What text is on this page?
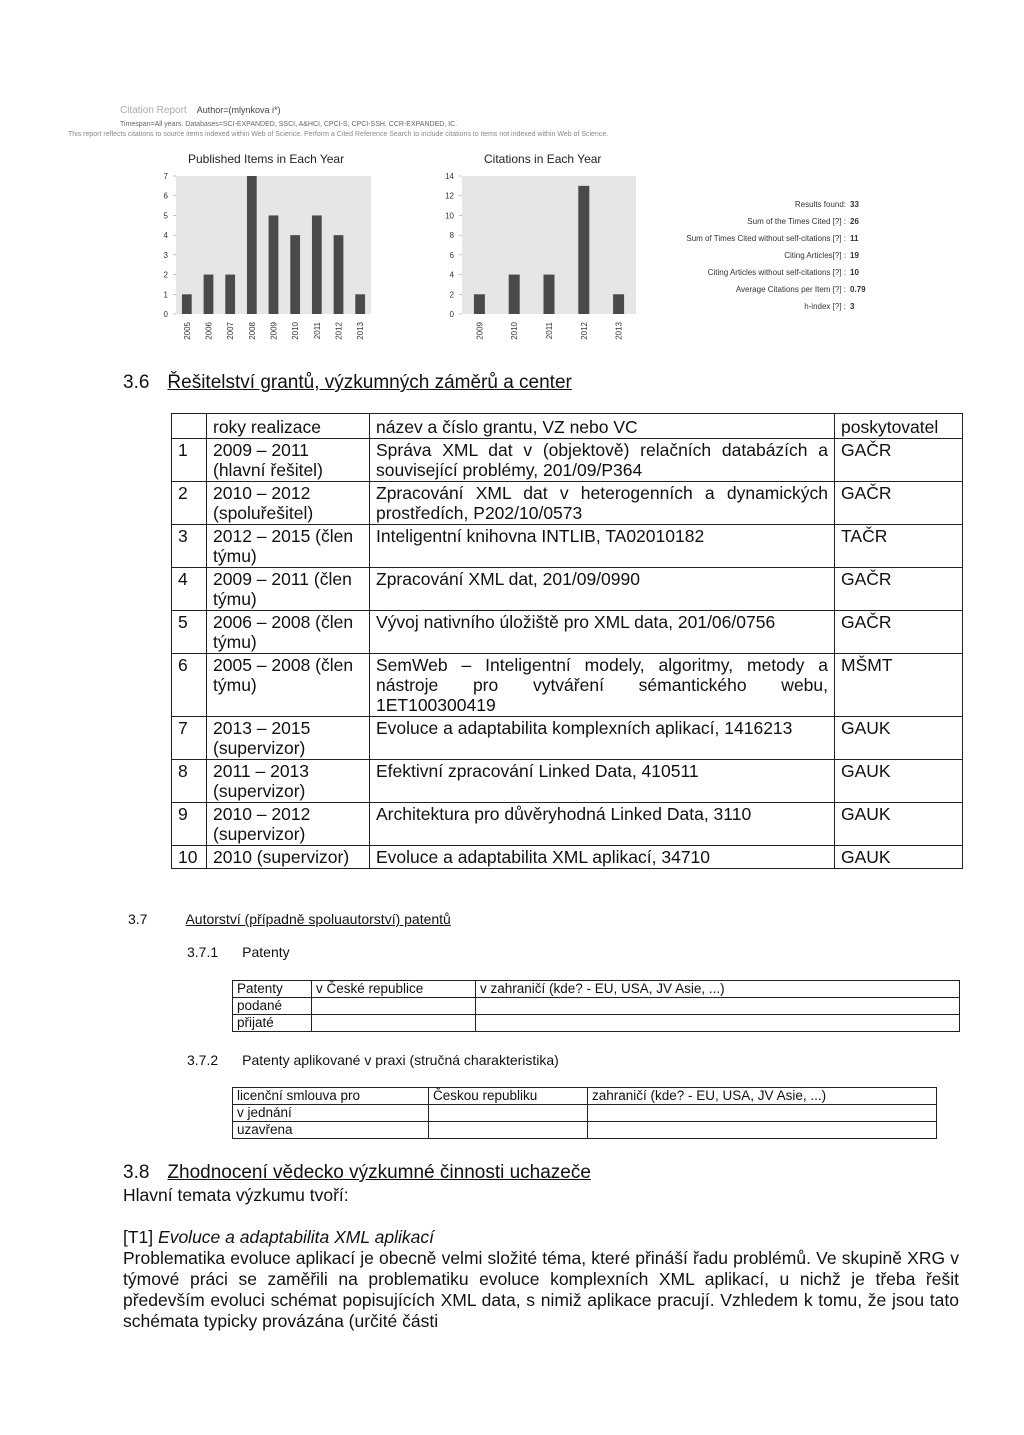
Citation Report Author=(mlynkova i*)
Timespan=All years. Databases=SCI-EXPANDED, SSCI, A&HCI, CPCI-S, CPCI-SSH, CCR-EXPANDED, IC.
This report reflects citations to source items indexed within Web of Science. Perform a Cited Reference Search to include citations to items not indexed within Web of Science.
Published Items in Each Year	Citations in Each Year
0
1
2
3
4
5
6
7
2005 2006 2007 2008 2009 2010 2011 2012 2013
0
2
4
6
8
10
12
14
2009	2010	2011	2012	2013
Results found: 33
Sum of the Times Cited [?] : 26
Sum of Times Cited without self-citations [?] : 11
Citing Articles[?] : 19
Citing Articles without self-citations [?] : 10
Average Citations per Item [?] : 0.79
h-index [?] : 3
3.6 Řešitelství grantů, výzkumných záměrů a center
	roky realizace	název a číslo grantu, VZ nebo VC	poskytovatel
1	2009 – 2011 (hlavní řešitel)	Správa XML dat v (objektově) relačních databázích a související problémy, 201/09/P364	GAČR
2	2010 – 2012 (spoluřešitel)	Zpracování XML dat v heterogenních a dynamických prostředích, P202/10/0573	GAČR
3	2012 – 2015 (člen týmu)	Inteligentní knihovna INTLIB, TA02010182	TAČR
4	2009 – 2011 (člen týmu)	Zpracování XML dat, 201/09/0990	GAČR
5	2006 – 2008 (člen týmu)	Vývoj nativního úložiště pro XML data, 201/06/0756	GAČR
6	2005 – 2008 (člen týmu)	SemWeb – Inteligentní modely, algoritmy, metody a nástroje pro vytváření sémantického webu, 1ET100300419	MŠMT
7	2013 – 2015 (supervizor)	Evoluce a adaptabilita komplexních aplikací, 1416213	GAUK
8	2011 – 2013 (supervizor)	Efektivní zpracování Linked Data, 410511	GAUK
9	2010 – 2012 (supervizor)	Architektura pro důvěryhodná Linked Data, 3110	GAUK
10	2010 (supervizor)	Evoluce a adaptabilita XML aplikací, 34710	GAUK
3.7	Autorství (případně spoluautorství) patentů
3.7.1 Patenty
Patenty	v České republice	v zahraničí (kde? - EU, USA, JV Asie, ...)
podané		
přijaté		
3.7.2 Patenty aplikované v praxi (stručná charakteristika)
licenční smlouva pro	Českou republiku	zahraničí (kde? - EU, USA, JV Asie, ...)
v jednání		
uzavřena		
3.8 Zhodnocení vědecko výzkumné činnosti uchazeče
Hlavní temata výzkumu tvoří:
[T1] Evoluce a adaptabilita XML aplikací
Problematika evoluce aplikací je obecně velmi složité téma, které přináší řadu problémů. Ve skupině XRG v týmové práci se zaměřili na problematiku evoluce komplexních XML aplikací, u nichž je třeba řešit především evoluci schémat popisujících XML data, s nimiž aplikace pracují. Vzhledem k tomu, že jsou tato schémata typicky provázána (určité části
